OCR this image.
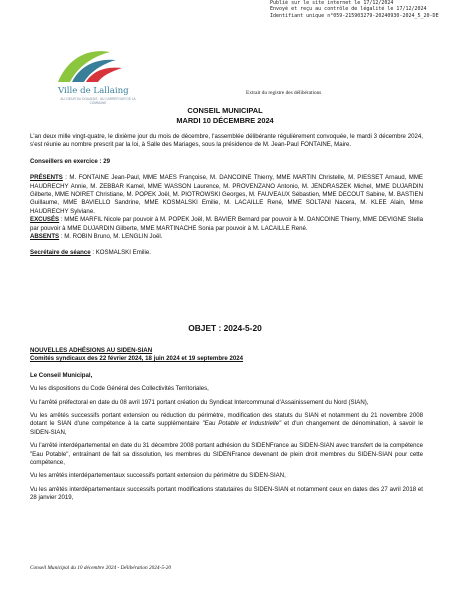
Publié sur le site internet le 17/12/2024
Envoyé et reçu au contrôle de légalité le 17/12/2024
Identifiant unique n°059-215903279-20240930-2024_5_20-DE
Ville de Lallaing
AU CŒUR DU DOUAISIS · AU CARREFOUR DE LA COMMUNE
Extrait du registre des délibérations
CONSEIL MUNICIPAL
MARDI 10 DÉCEMBRE 2024

L'an deux mille vingt-quatre, le dixième jour du mois de décembre, l'assemblée délibérante régulièrement convoquée, le mardi 3 décembre 2024, s'est réunie au nombre prescrit par la loi, à Salle des Mariages, sous la présidence de M. Jean-Paul FONTAINE, Maire.

Conseillers en exercice : 29

PRÉSENTS : M. FONTAINE Jean-Paul, MME MAES Françoise, M. DANCOINE Thierry, MME MARTIN Christelle, M. PIESSET Arnaud, MME HAUDRECHY Annie, M. ZEBBAR Kamel, MME WASSON Laurence, M. PROVENZANO Antonio, M. JENDRASZEK Michel, MME DUJARDIN Gilberte, MME NOIRET Christiane, M. POPEK Joël, M. PIOTROWSKI Georges, M. FAUVEAUX Sébastien, MME DECOUT Sabine, M. BASTIEN Guillaume, MME BAVIELLO Sandrine, MME KOSMALSKI Emilie, M. LACAILLE René, MME SOLTANI Nacera, M. KLEE Alain, Mme HAUDRECHY Sylviane.

EXCUSÉS : MME MARFIL Nicole par pouvoir à M. POPEK Joël, M. BAVIER Bernard par pouvoir à M. DANCOINE Thierry, MME DEVIGNE Stella par pouvoir à MME DUJARDIN Gilberte, MME MARTINACHE Sonia par pouvoir à M. LACAILLE René.

ABSENTS : M. ROBIN Bruno, M. LENGLIN Joël.

Secrétaire de séance : KOSMALSKI Emilie.

OBJET : 2024-5-20

NOUVELLES ADHÉSIONS AU SIDEN-SIAN

Comités syndicaux des 22 février 2024, 18 juin 2024 et 19 septembre 2024

Le Conseil Municipal,

Vu les dispositions du Code Général des Collectivités Territoriales,

Vu l'arrêté préfectoral en date du 08 avril 1971 portant création du Syndicat Intercommunal d'Assainissement du Nord (SIAN),

Vu les arrêtés successifs portant extension ou réduction du périmètre, modification des statuts du SIAN et notamment du 21 novembre 2008 dotant le SIAN d'une compétence à la carte supplémentaire "Eau Potable et Industrielle" et d'un changement de dénomination, à savoir le SIDEN-SIAN,

Vu l'arrêté interdépartemental en date du 31 décembre 2008 portant adhésion du SIDENFrance au SIDEN-SIAN avec transfert de la compétence "Eau Potable", entraînant de fait sa dissolution, les membres du SIDENFrance devenant de plein droit membres du SIDEN-SIAN pour cette compétence,

Vu les arrêtés interdépartementaux successifs portant extension du périmètre du SIDEN-SIAN,

Vu les arrêtés interdépartementaux successifs portant modifications statutaires du SIDEN-SIAN et notamment ceux en dates des 27 avril 2018 et 28 janvier 2019,

Conseil Municipal du 10 décembre 2024 - Délibération 2024-5-20
